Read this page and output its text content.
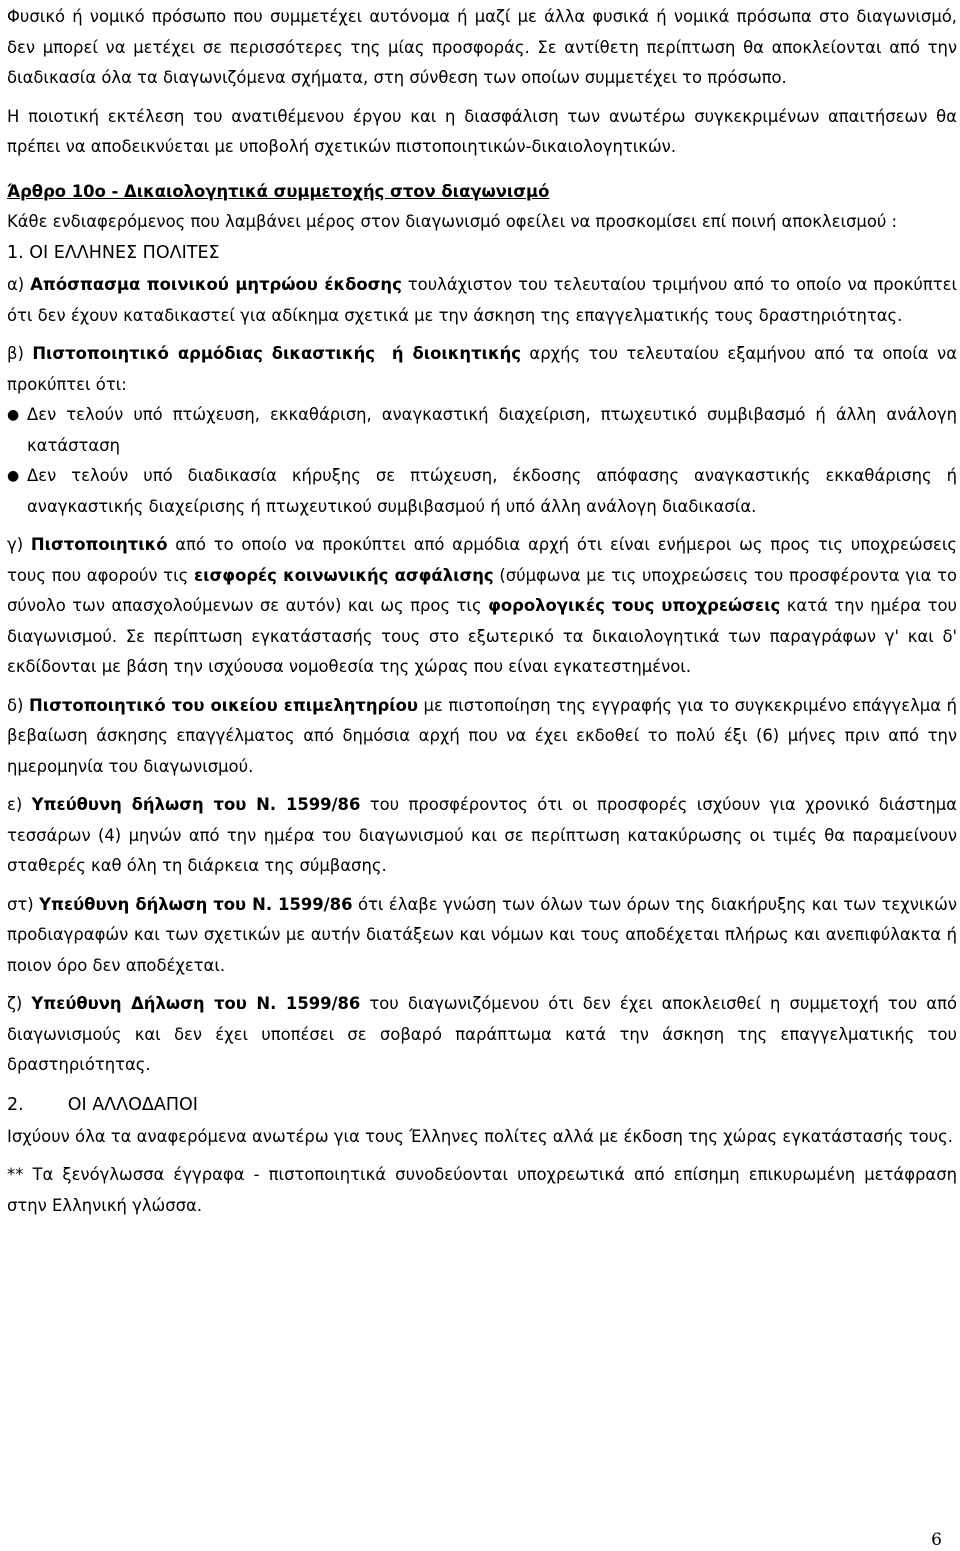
Φυσικό ή νομικό πρόσωπο που συμμετέχει αυτόνομα ή μαζί με άλλα φυσικά ή νομικά πρόσωπα στο διαγωνισμό, δεν μπορεί να μετέχει σε περισσότερες της μίας προσφοράς. Σε αντίθετη περίπτωση θα αποκλείονται από την διαδικασία όλα τα διαγωνιζόμενα σχήματα, στη σύνθεση των οποίων συμμετέχει το πρόσωπο.

Η ποιοτική εκτέλεση του ανατιθέμενου έργου και η διασφάλιση των ανωτέρω συγκεκριμένων απαιτήσεων θα πρέπει να αποδεικνύεται με υποβολή σχετικών πιστοποιητικών-δικαιολογητικών.

Άρθρο 10ο - Δικαιολογητικά συμμετοχής στον διαγωνισμό

Κάθε ενδιαφερόμενος που λαμβάνει μέρος στον διαγωνισμό οφείλει να προσκομίσει επί ποινή αποκλεισμού :

1. ΟΙ ΕΛΛΗΝΕΣ ΠΟΛΙΤΕΣ

α) Απόσπασμα ποινικού μητρώου έκδοσης τουλάχιστον του τελευταίου τριμήνου από το οποίο να προκύπτει ότι δεν έχουν καταδικαστεί για αδίκημα σχετικά με την άσκηση της επαγγελματικής τους δραστηριότητας.

β) Πιστοποιητικό αρμόδιας δικαστικής ή διοικητικής αρχής του τελευταίου εξαμήνου από τα οποία να προκύπτει ότι:

● Δεν τελούν υπό πτώχευση, εκκαθάριση, αναγκαστική διαχείριση, πτωχευτικό συμβιβασμό ή άλλη ανάλογη κατάσταση

● Δεν τελούν υπό διαδικασία κήρυξης σε πτώχευση, έκδοσης απόφασης αναγκαστικής εκκαθάρισης ή αναγκαστικής διαχείρισης ή πτωχευτικού συμβιβασμού ή υπό άλλη ανάλογη διαδικασία.

γ) Πιστοποιητικό από το οποίο να προκύπτει από αρμόδια αρχή ότι είναι ενήμεροι ως προς τις υποχρεώσεις τους που αφορούν τις εισφορές κοινωνικής ασφάλισης (σύμφωνα με τις υποχρεώσεις του προσφέροντα για το σύνολο των απασχολούμενων σε αυτόν) και ως προς τις φορολογικές τους υποχρεώσεις κατά την ημέρα του διαγωνισμού. Σε περίπτωση εγκατάστασής τους στο εξωτερικό τα δικαιολογητικά των παραγράφων γ' και δ' εκδίδονται με βάση την ισχύουσα νομοθεσία της χώρας που είναι εγκατεστημένοι.

δ) Πιστοποιητικό του οικείου επιμελητηρίου με πιστοποίηση της εγγραφής για το συγκεκριμένο επάγγελμα ή βεβαίωση άσκησης επαγγέλματος από δημόσια αρχή που να έχει εκδοθεί το πολύ έξι (6) μήνες πριν από την ημερομηνία του διαγωνισμού.

ε) Υπεύθυνη δήλωση του Ν. 1599/86 του προσφέροντος ότι οι προσφορές ισχύουν για χρονικό διάστημα τεσσάρων (4) μηνών από την ημέρα του διαγωνισμού και σε περίπτωση κατακύρωσης οι τιμές θα παραμείνουν σταθερές καθ όλη τη διάρκεια της σύμβασης.

στ) Υπεύθυνη δήλωση του Ν. 1599/86 ότι έλαβε γνώση των όλων των όρων της διακήρυξης και των τεχνικών προδιαγραφών και των σχετικών με αυτήν διατάξεων και νόμων και τους αποδέχεται πλήρως και ανεπιφύλακτα ή ποιον όρο δεν αποδέχεται.

ζ) Υπεύθυνη Δήλωση του Ν. 1599/86 του διαγωνιζόμενου ότι δεν έχει αποκλεισθεί η συμμετοχή του από διαγωνισμούς και δεν έχει υποπέσει σε σοβαρό παράπτωμα κατά την άσκηση της επαγγελματικής του δραστηριότητας.

2.	ΟΙ ΑΛΛΟΔΑΠΟΙ

Ισχύουν όλα τα αναφερόμενα ανωτέρω για τους Έλληνες πολίτες αλλά με έκδοση της χώρας εγκατάστασής τους.

** Τα ξενόγλωσσα έγγραφα - πιστοποιητικά συνοδεύονται υποχρεωτικά από επίσημη επικυρωμένη μετάφραση στην Ελληνική γλώσσα.

6
